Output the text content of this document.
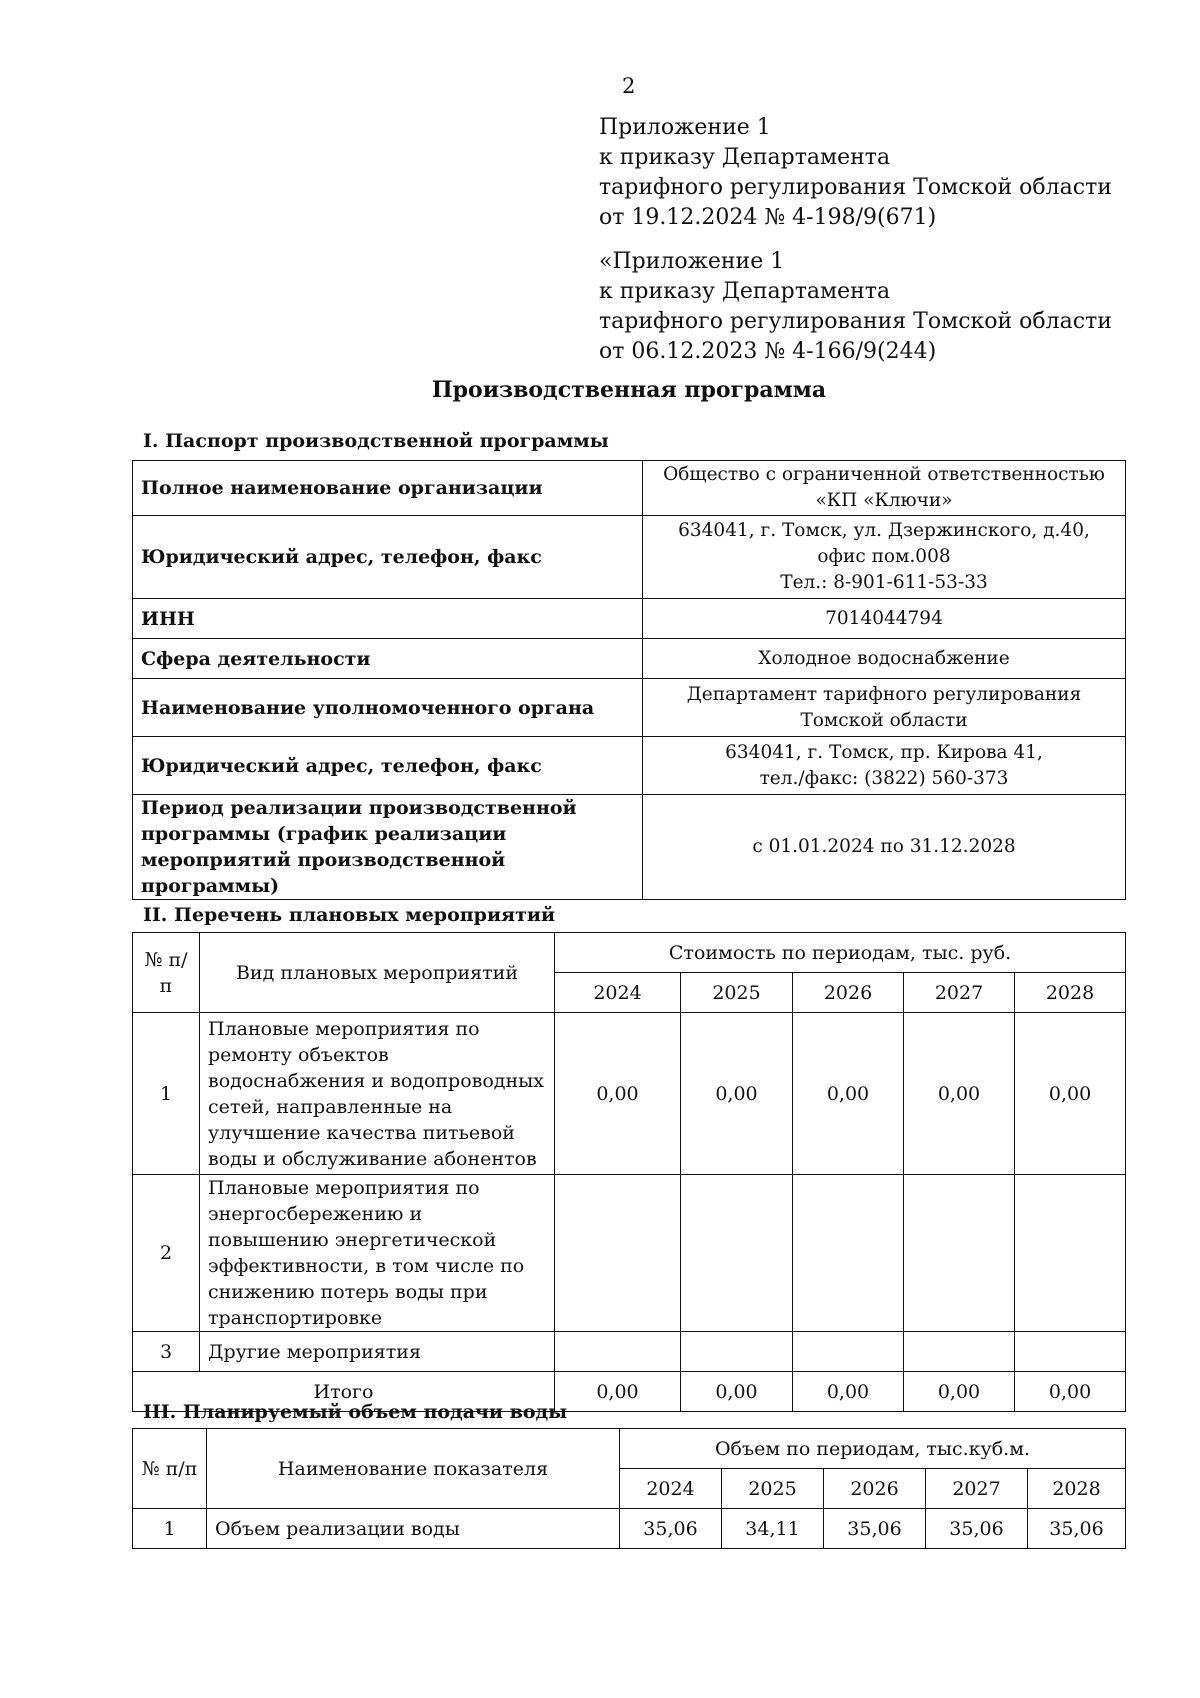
2
Приложение 1
к приказу Департамента
тарифного регулирования Томской области
от 19.12.2024 № 4-198/9(671)
«Приложение 1
к приказу Департамента
тарифного регулирования Томской области
от 06.12.2023 № 4-166/9(244)
Производственная программа
I. Паспорт производственной программы
Полное наименование организации	Общество с ограниченной ответственностью
«КП «Ключи»

Юридический адрес, телефон, факс	634041, г. Томск, ул. Дзержинского, д.40,
офис пом.008
Тел.: 8-901-611-53-33

ИНН	7014044794

Сфера деятельности	Холодное водоснабжение

Наименование уполномоченного органа	Департамент тарифного регулирования
Томской области

Юридический адрес, телефон, факс	634041, г. Томск, пр. Кирова 41,
тел./факс: (3822) 560-373

Период реализации производственной программы (график реализации мероприятий производственной программы)	с 01.01.2024 по 31.12.2028
II. Перечень плановых мероприятий
№ п/п	Вид плановых мероприятий	Стоимость по периодам, тыс. руб.				
		2024	2025	2026	2027	2028
1	Плановые мероприятия по ремонту объектов водоснабжения и водопроводных сетей, направленные на улучшение качества питьевой воды и обслуживание абонентов	0,00	0,00	0,00	0,00	0,00
2	Плановые мероприятия по энергосбережению и повышению энергетической эффективности, в том числе по снижению потерь воды при транспортировке					
3	Другие мероприятия					
Итого		0,00	0,00	0,00	0,00	0,00
III. Планируемый объем подачи воды
№ п/п	Наименование показателя	Объем по периодам, тыс.куб.м.				
		2024	2025	2026	2027	2028
1	Объем реализации воды	35,06	34,11	35,06	35,06	35,06
